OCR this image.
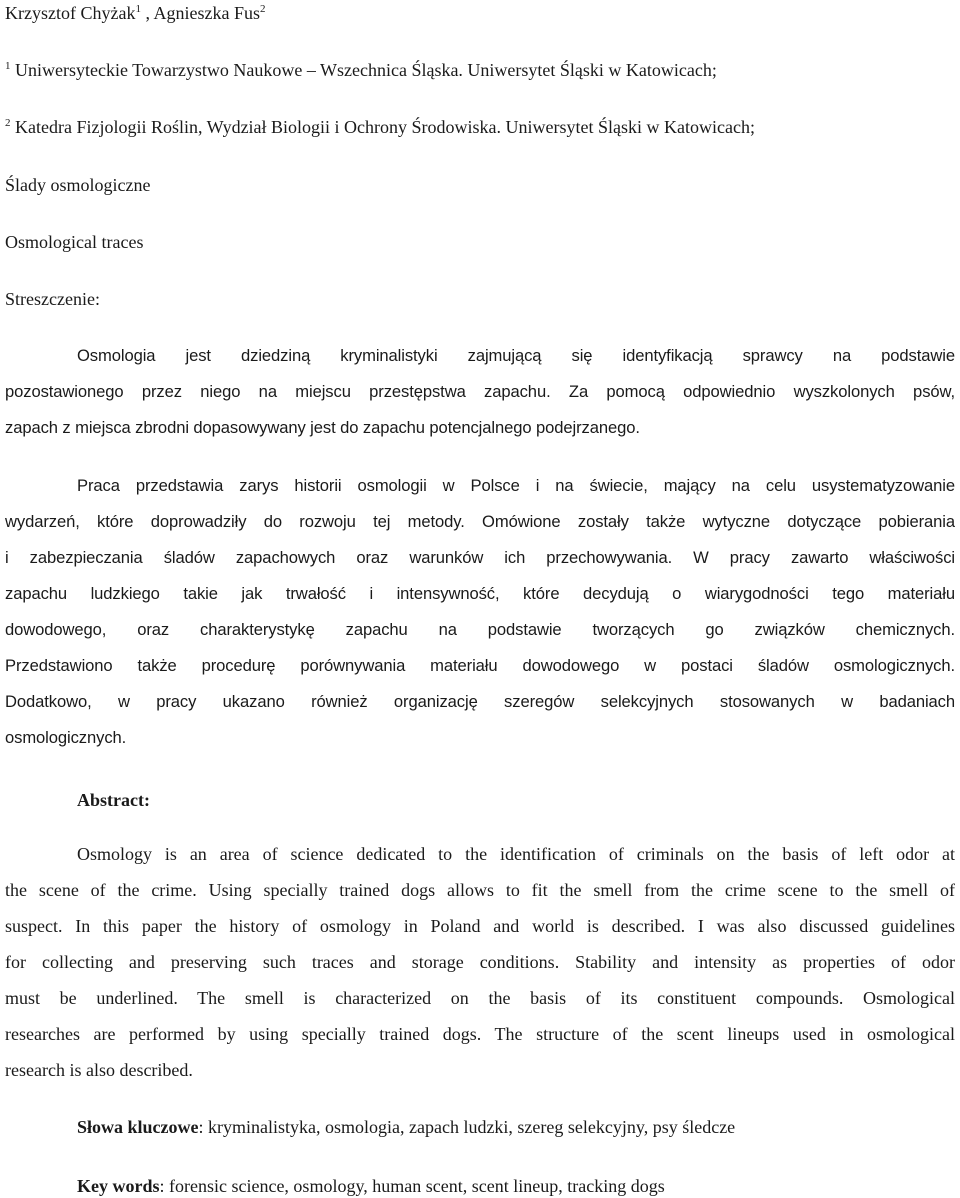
Krzysztof Chyżak$^1$ , Agnieszka Fus$^2$
$^1$ Uniwersyteckie Towarzystwo Naukowe – Wszechnica Śląska. Uniwersytet Śląski w Katowicach;
$^2$ Katedra Fizjologii Roślin, Wydział Biologii i Ochrony Środowiska. Uniwersytet Śląski w Katowicach;
Ślady osmologiczne
Osmological traces
Streszczenie:
Osmologia jest dziedziną kryminalistyki zajmującą się identyfikacją sprawcy na podstawie
pozostawionego przez niego na miejscu przestępstwa zapachu. Za pomocą odpowiednio wyszkolonych psów,
zapach z miejsca zbrodni dopasowywany jest do zapachu potencjalnego podejrzanego.
Praca przedstawia zarys historii osmologii w Polsce i na świecie, mający na celu usystematyzowanie
wydarzeń, które doprowadziły do rozwoju tej metody. Omówione zostały także wytyczne dotyczące pobierania
i zabezpieczania śladów zapachowych oraz warunków ich przechowywania. W pracy zawarto właściwości
zapachu ludzkiego takie jak trwałość i intensywność, które decydują o wiarygodności tego materiału
dowodowego, oraz charakterystykę zapachu na podstawie tworzących go związków chemicznych.
Przedstawiono także procedurę porównywania materiału dowodowego w postaci śladów osmologicznych.
Dodatkowo, w pracy ukazano również organizację szeregów selekcyjnych stosowanych w badaniach
osmologicznych.
Abstract:
Osmology is an area of science dedicated to the identification of criminals on the basis of left odor at
the scene of the crime. Using specially trained dogs allows to fit the smell from the crime scene to the smell of
suspect. In this paper the history of osmology in Poland and world is described. I was also discussed guidelines
for collecting and preserving such traces and storage conditions. Stability and intensity as properties of odor
must be underlined. The smell is characterized on the basis of its constituent compounds. Osmological
researches are performed by using specially trained dogs. The structure of the scent lineups used in osmological
research is also described.
Słowa kluczowe: kryminalistyka, osmologia, zapach ludzki, szereg selekcyjny, psy śledcze
Key words: forensic science, osmology, human scent, scent lineup, tracking dogs
